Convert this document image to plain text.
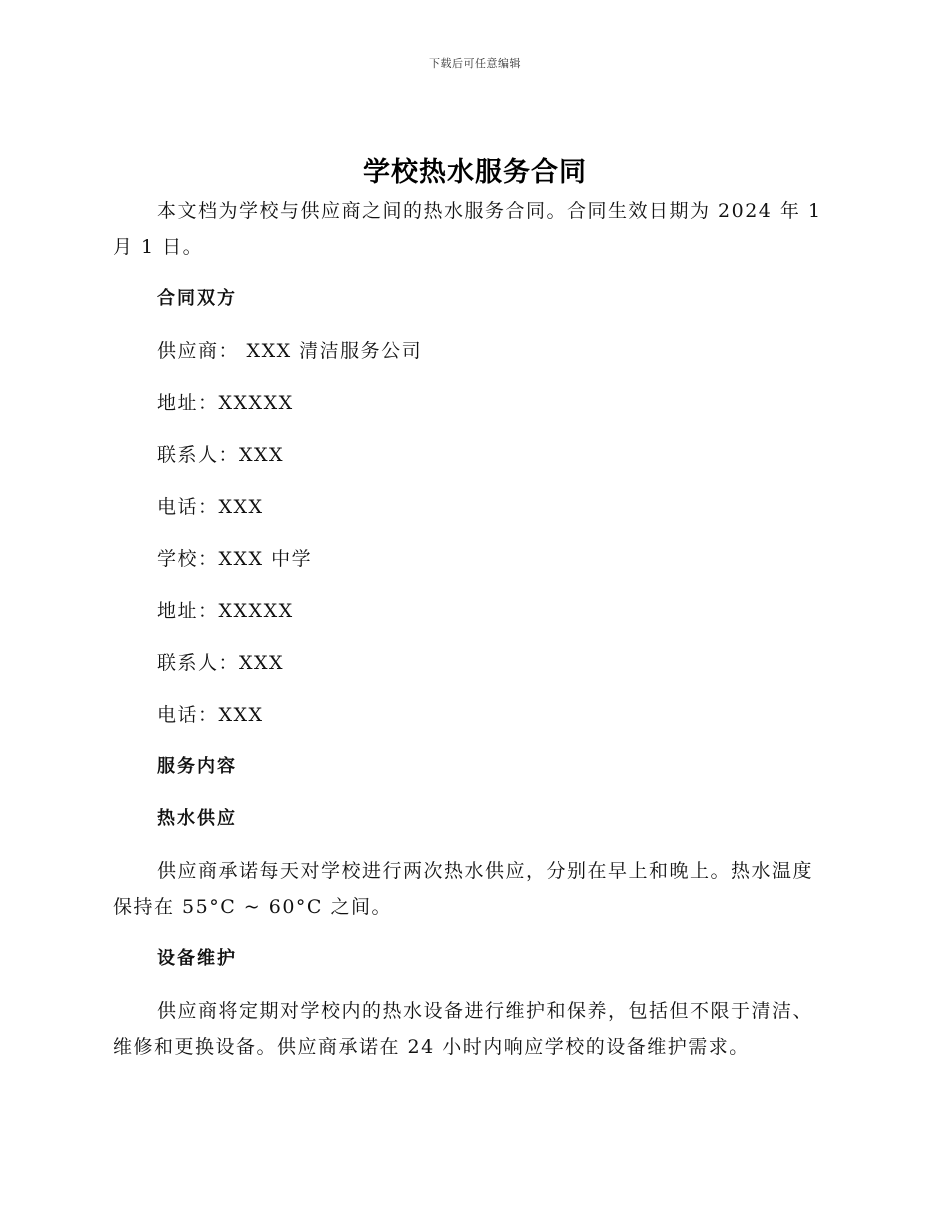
下载后可任意编辑
学校热水服务合同

本文档为学校与供应商之间的热水服务合同。合同生效日期为 2024 年 1 月 1 日。

合同双方
供应商： XXX 清洁服务公司
地址：XXXXX
联系人：XXX
电话：XXX
学校：XXX 中学
地址：XXXXX
联系人：XXX
电话：XXX
服务内容
热水供应

供应商承诺每天对学校进行两次热水供应，分别在早上和晚上。热水温度保持在 55°C ~ 60°C 之间。

设备维护

供应商将定期对学校内的热水设备进行维护和保养，包括但不限于清洁、维修和更换设备。供应商承诺在 24 小时内响应学校的设备维护需求。
